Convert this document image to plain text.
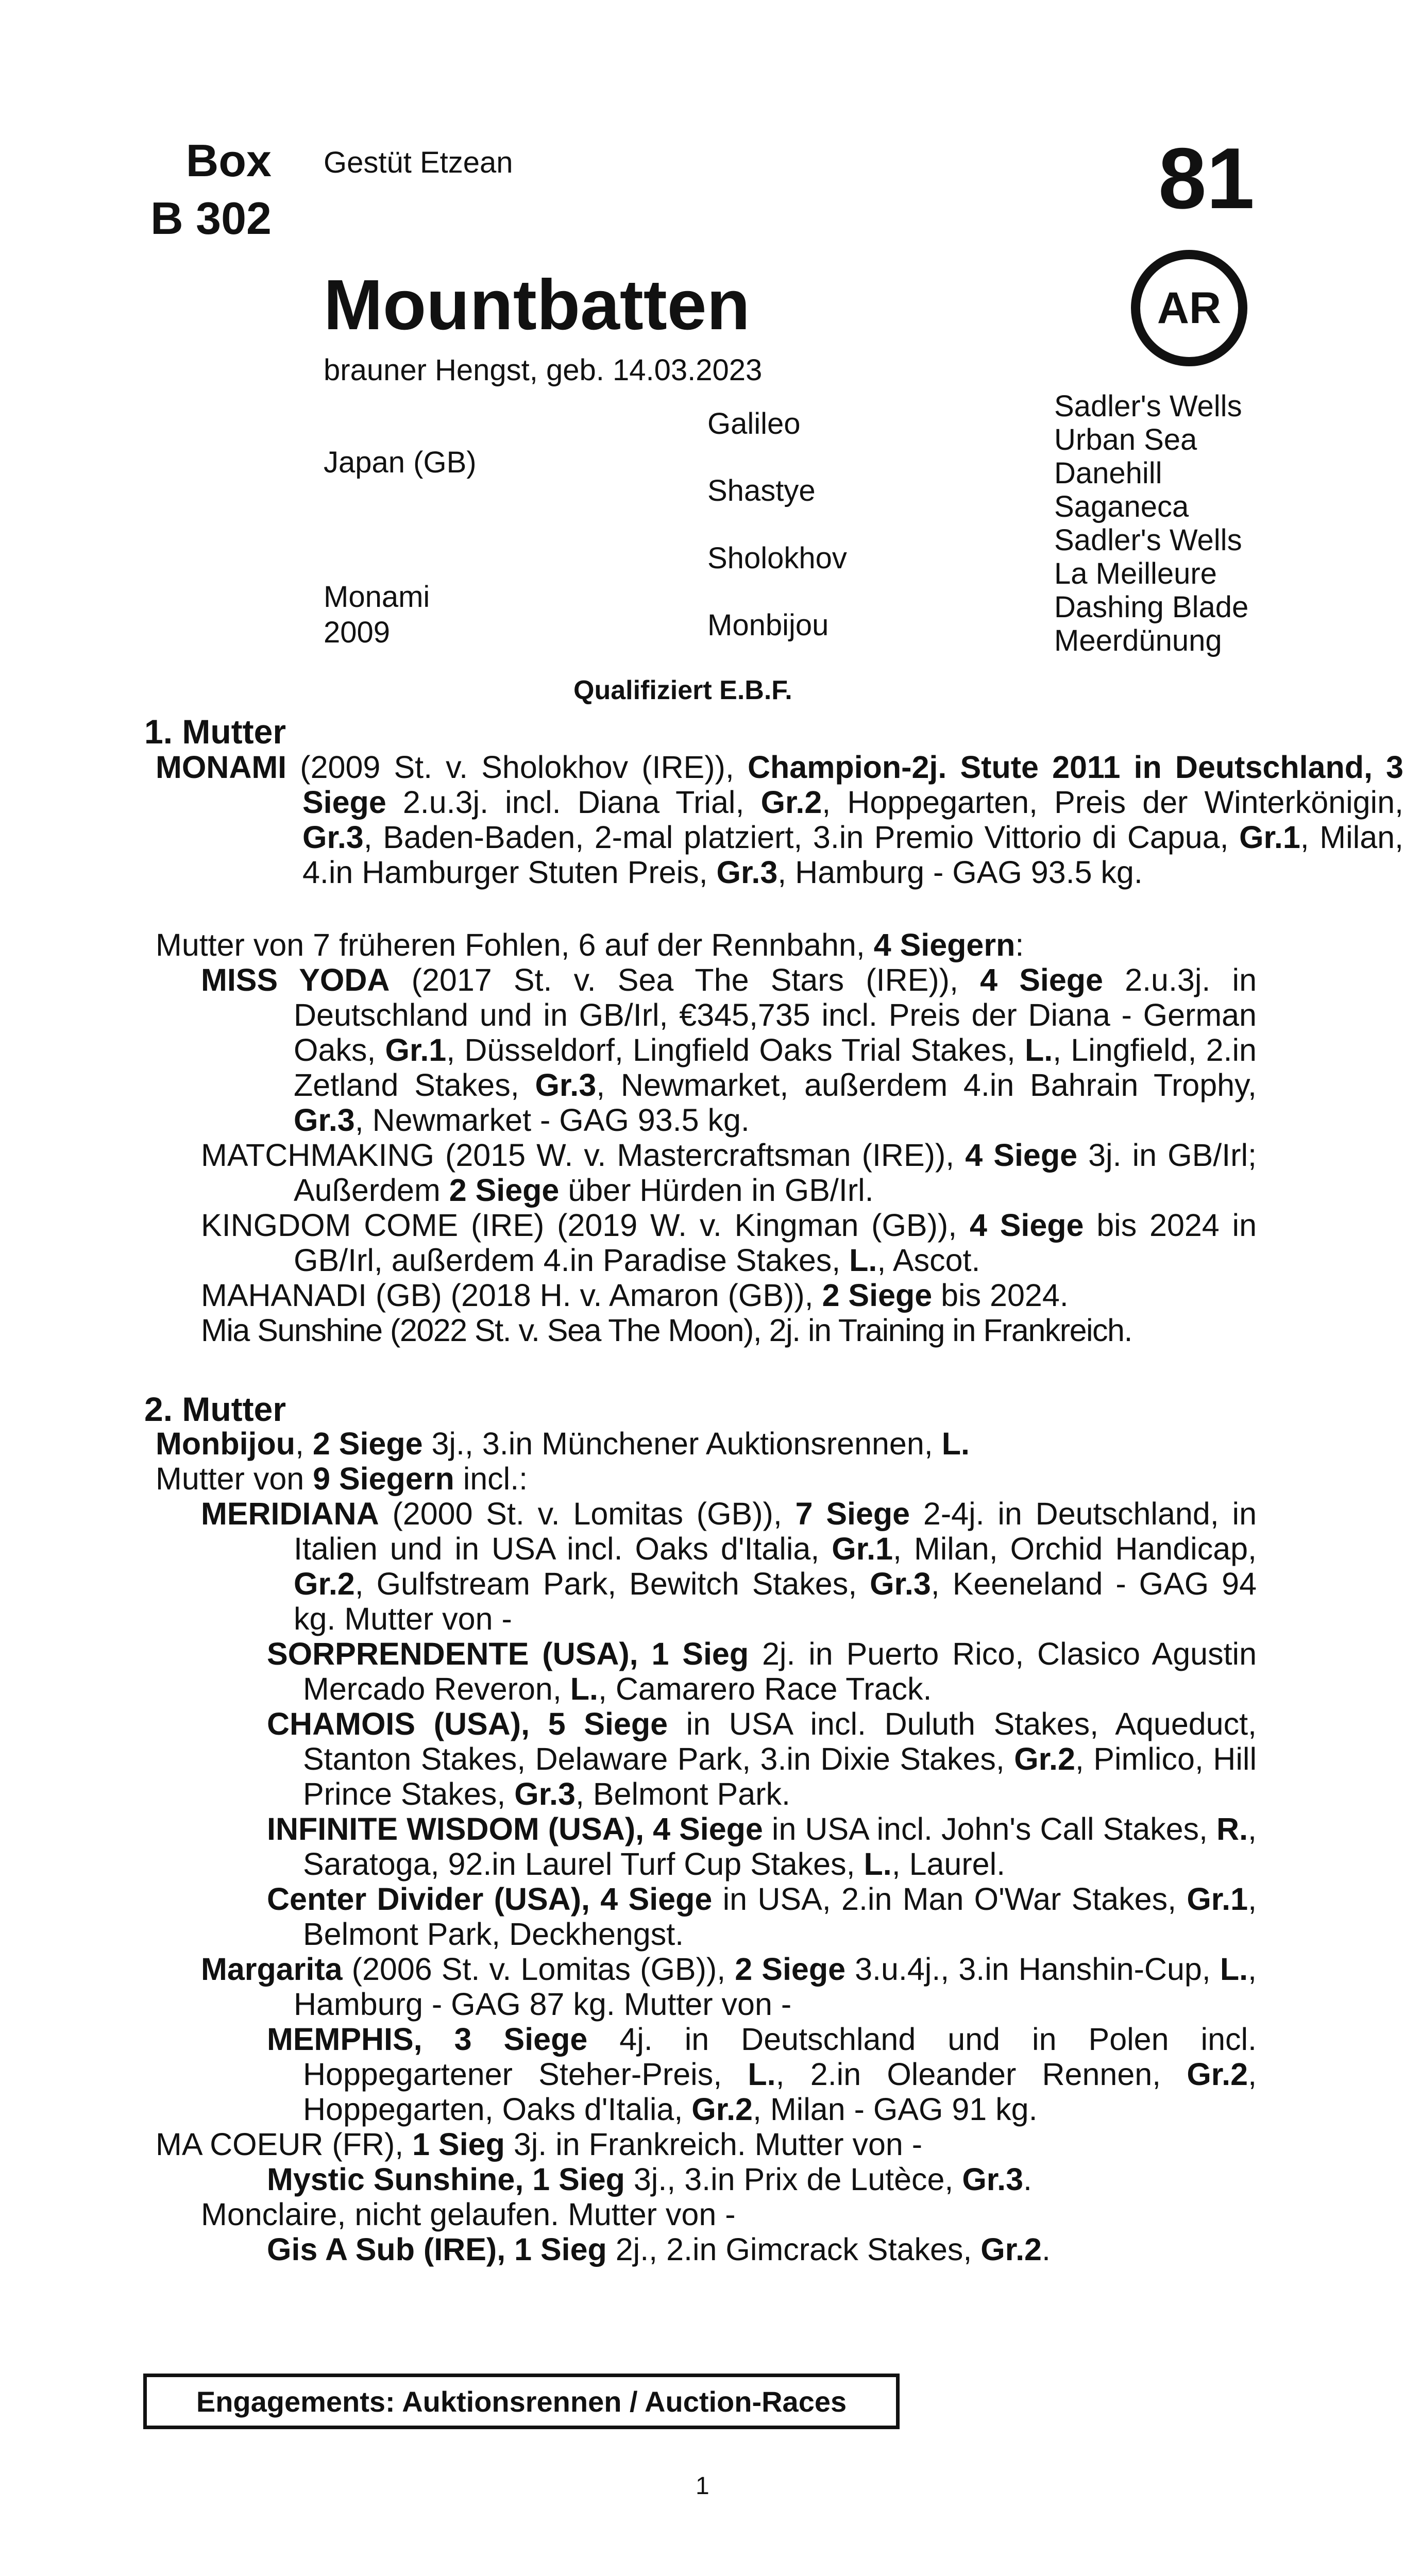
Box
B 302
Gestüt Etzean	81
AR
Mountbatten
brauner Hengst, geb. 14.03.2023
Japan (GB)
Monami
2009
Galileo
Shastye
Sholokhov
Monbijou
Sadler's Wells
Urban Sea
Danehill
Saganeca
Sadler's Wells
La Meilleure
Dashing Blade
Meerdünung
Qualifiziert E.B.F.
1. Mutter
MONAMI (2009 St. v. Sholokhov (IRE)), Champion-2j. Stute 2011 in Deutschland, 3 Siege 2.u.3j. incl. Diana Trial, Gr.2, Hoppegarten, Preis der Winterkönigin, Gr.3, Baden-Baden, 2-mal platziert, 3.in Premio Vittorio di Capua, Gr.1, Milan, 4.in Hamburger Stuten Preis, Gr.3, Hamburg - GAG 93.5 kg.
Mutter von 7 früheren Fohlen, 6 auf der Rennbahn, 4 Siegern:
MISS YODA (2017 St. v. Sea The Stars (IRE)), 4 Siege 2.u.3j. in Deutschland und in GB/Irl, €345,735 incl. Preis der Diana - German Oaks, Gr.1, Düsseldorf, Lingfield Oaks Trial Stakes, L., Lingfield, 2.in Zetland Stakes, Gr.3, Newmarket, außerdem 4.in Bahrain Trophy, Gr.3, Newmarket - GAG 93.5 kg.
MATCHMAKING (2015 W. v. Mastercraftsman (IRE)), 4 Siege 3j. in GB/Irl; Außerdem 2 Siege über Hürden in GB/Irl.
KINGDOM COME (IRE) (2019 W. v. Kingman (GB)), 4 Siege bis 2024 in GB/Irl, außerdem 4.in Paradise Stakes, L., Ascot.
MAHANADI (GB) (2018 H. v. Amaron (GB)), 2 Siege bis 2024.
Mia Sunshine (2022 St. v. Sea The Moon), 2j. in Training in Frankreich.
2. Mutter
Monbijou, 2 Siege 3j., 3.in Münchener Auktionsrennen, L.
Mutter von 9 Siegern incl.:
MERIDIANA (2000 St. v. Lomitas (GB)), 7 Siege 2-4j. in Deutschland, in Italien und in USA incl. Oaks d'Italia, Gr.1, Milan, Orchid Handicap, Gr.2, Gulfstream Park, Bewitch Stakes, Gr.3, Keeneland - GAG 94 kg. Mutter von -
SORPRENDENTE (USA), 1 Sieg 2j. in Puerto Rico, Clasico Agustin Mercado Reveron, L., Camarero Race Track.
CHAMOIS (USA), 5 Siege in USA incl. Duluth Stakes, Aqueduct, Stanton Stakes, Delaware Park, 3.in Dixie Stakes, Gr.2, Pimlico, Hill Prince Stakes, Gr.3, Belmont Park.
INFINITE WISDOM (USA), 4 Siege in USA incl. John's Call Stakes, R., Saratoga, 92.in Laurel Turf Cup Stakes, L., Laurel.
Center Divider (USA), 4 Siege in USA, 2.in Man O'War Stakes, Gr.1, Belmont Park, Deckhengst.
Margarita (2006 St. v. Lomitas (GB)), 2 Siege 3.u.4j., 3.in Hanshin-Cup, L., Hamburg - GAG 87 kg. Mutter von -
MEMPHIS, 3 Siege 4j. in Deutschland und in Polen incl. Hoppegartener Steher-Preis, L., 2.in Oleander Rennen, Gr.2, Hoppegarten, Oaks d'Italia, Gr.2, Milan - GAG 91 kg.
MA COEUR (FR), 1 Sieg 3j. in Frankreich. Mutter von -
Mystic Sunshine, 1 Sieg 3j., 3.in Prix de Lutèce, Gr.3.
Monclaire, nicht gelaufen. Mutter von -
Gis A Sub (IRE), 1 Sieg 2j., 2.in Gimcrack Stakes, Gr.2.
Engagements: Auktionsrennen / Auction-Races
1
